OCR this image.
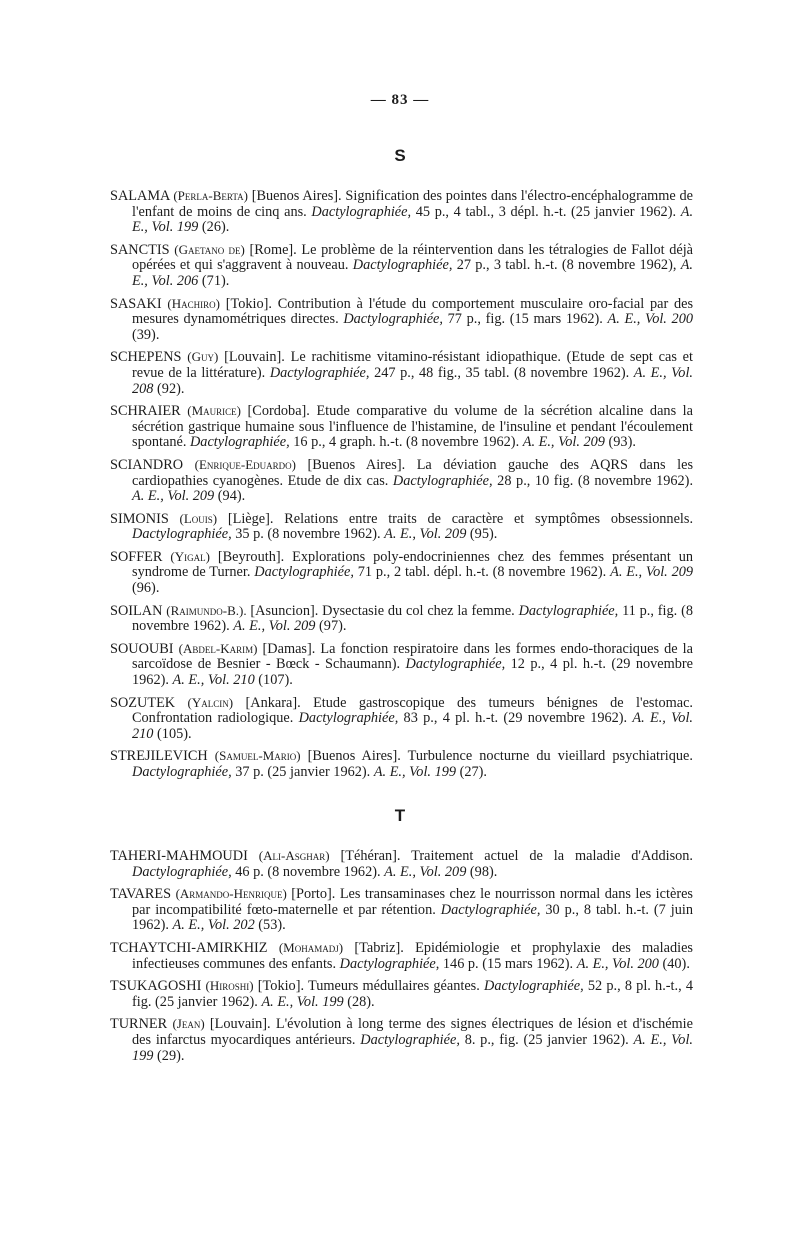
— 83 —
S

SALAMA (Perla-Berta) [Buenos Aires]. Signification des pointes dans l'électro-encéphalogramme de l'enfant de moins de cinq ans. Dactylographiée, 45 p., 4 tabl., 3 dépl. h.-t. (25 janvier 1962). A. E., Vol. 199 (26).

SANCTIS (Gaetano de) [Rome]. Le problème de la réintervention dans les tétralogies de Fallot déjà opérées et qui s'aggravent à nouveau. Dactylographiée, 27 p., 3 tabl. h.-t. (8 novembre 1962), A. E., Vol. 206 (71).

SASAKI (Hachiro) [Tokio]. Contribution à l'étude du comportement musculaire oro-facial par des mesures dynamométriques directes. Dactylographiée, 77 p., fig. (15 mars 1962). A. E., Vol. 200 (39).

SCHEPENS (Guy) [Louvain]. Le rachitisme vitamino-résistant idiopathique. (Etude de sept cas et revue de la littérature). Dactylographiée, 247 p., 48 fig., 35 tabl. (8 novembre 1962). A. E., Vol. 208 (92).

SCHRAIER (Maurice) [Cordoba]. Etude comparative du volume de la sécrétion alcaline dans la sécrétion gastrique humaine sous l'influence de l'histamine, de l'insuline et pendant l'écoulement spontané. Dactylographiée, 16 p., 4 graph. h.-t. (8 novembre 1962). A. E., Vol. 209 (93).

SCIANDRO (Enrique-Eduardo) [Buenos Aires]. La déviation gauche des AQRS dans les cardiopathies cyanogènes. Etude de dix cas. Dactylographiée, 28 p., 10 fig. (8 novembre 1962). A. E., Vol. 209 (94).

SIMONIS (Louis) [Liège]. Relations entre traits de caractère et symptômes obsessionnels. Dactylographiée, 35 p. (8 novembre 1962). A. E., Vol. 209 (95).

SOFFER (Yigal) [Beyrouth]. Explorations poly-endocriniennes chez des femmes présentant un syndrome de Turner. Dactylographiée, 71 p., 2 tabl. dépl. h.-t. (8 novembre 1962). A. E., Vol. 209 (96).

SOILAN (Raimundo-B.). [Asuncion]. Dysectasie du col chez la femme. Dactylographiée, 11 p., fig. (8 novembre 1962). A. E., Vol. 209 (97).

SOUOUBI (Abdel-Karim) [Damas]. La fonction respiratoire dans les formes endo-thoraciques de la sarcoïdose de Besnier - Bœck - Schaumann). Dactylographiée, 12 p., 4 pl. h.-t. (29 novembre 1962). A. E., Vol. 210 (107).

SOZUTEK (Yalcin) [Ankara]. Etude gastroscopique des tumeurs bénignes de l'estomac. Confrontation radiologique. Dactylographiée, 83 p., 4 pl. h.-t. (29 novembre 1962). A. E., Vol. 210 (105).

STREJILEVICH (Samuel-Mario) [Buenos Aires]. Turbulence nocturne du vieillard psychiatrique. Dactylographiée, 37 p. (25 janvier 1962). A. E., Vol. 199 (27).

T

TAHERI-MAHMOUDI (Ali-Asghar) [Téhéran]. Traitement actuel de la maladie d'Addison. Dactylographiée, 46 p. (8 novembre 1962). A. E., Vol. 209 (98).

TAVARES (Armando-Henrique) [Porto]. Les transaminases chez le nourrisson normal dans les ictères par incompatibilité fœto-maternelle et par rétention. Dactylographiée, 30 p., 8 tabl. h.-t. (7 juin 1962). A. E., Vol. 202 (53).

TCHAYTCHI-AMIRKHIZ (Mohamadj) [Tabriz]. Epidémiologie et prophylaxie des maladies infectieuses communes des enfants. Dactylographiée, 146 p. (15 mars 1962). A. E., Vol. 200 (40).

TSUKAGOSHI (Hiroshi) [Tokio]. Tumeurs médullaires géantes. Dactylographiée, 52 p., 8 pl. h.-t., 4 fig. (25 janvier 1962). A. E., Vol. 199 (28).

TURNER (Jean) [Louvain]. L'évolution à long terme des signes électriques de lésion et d'ischémie des infarctus myocardiques antérieurs. Dactylographiée, 8. p., fig. (25 janvier 1962). A. E., Vol. 199 (29).
